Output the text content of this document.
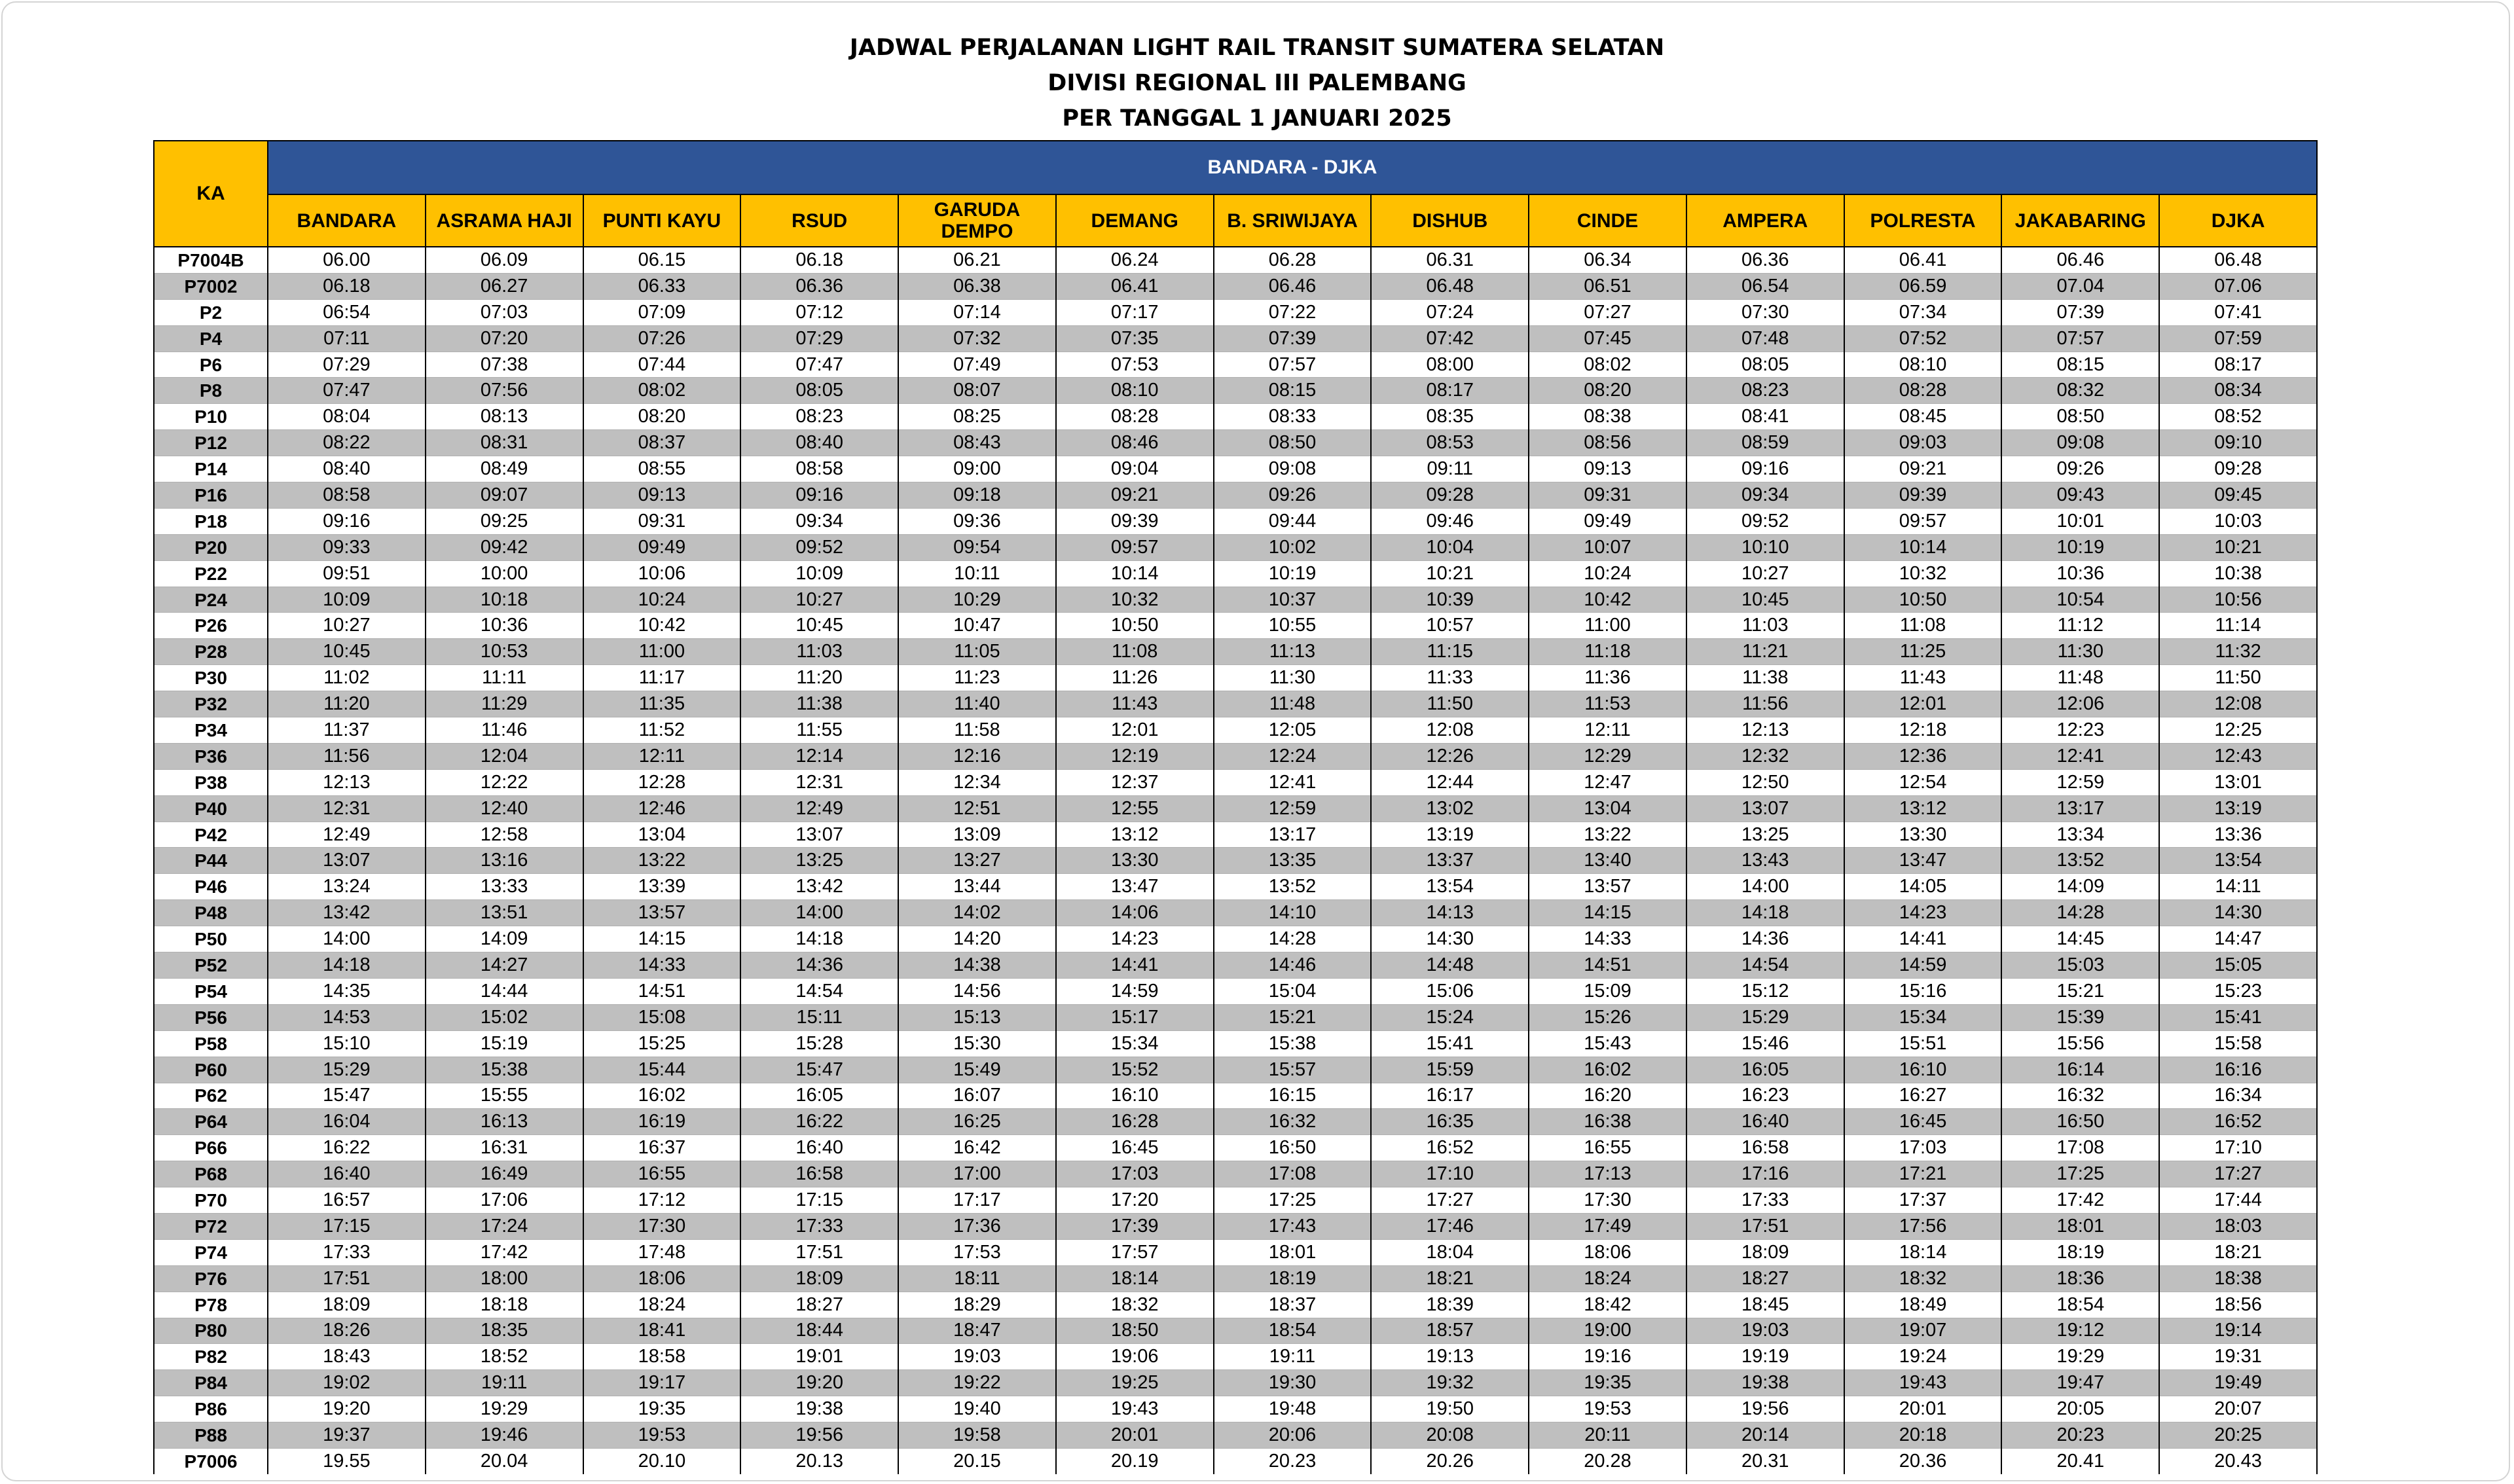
JADWAL PERJALANAN LIGHT RAIL TRANSIT SUMATERA SELATAN
DIVISI REGIONAL III PALEMBANG
PER TANGGAL 1 JANUARI 2025
KA	BANDARA - DJKA												
	BANDARA	ASRAMA HAJI	PUNTI KAYU	RSUD	GARUDA DEMPO	DEMANG	B. SRIWIJAYA	DISHUB	CINDE	AMPERA	POLRESTA	JAKABARING	DJKA
P7004B	06.00	06.09	06.15	06.18	06.21	06.24	06.28	06.31	06.34	06.36	06.41	06.46	06.48
P7002	06.18	06.27	06.33	06.36	06.38	06.41	06.46	06.48	06.51	06.54	06.59	07.04	07.06
P2	06:54	07:03	07:09	07:12	07:14	07:17	07:22	07:24	07:27	07:30	07:34	07:39	07:41
P4	07:11	07:20	07:26	07:29	07:32	07:35	07:39	07:42	07:45	07:48	07:52	07:57	07:59
P6	07:29	07:38	07:44	07:47	07:49	07:53	07:57	08:00	08:02	08:05	08:10	08:15	08:17
P8	07:47	07:56	08:02	08:05	08:07	08:10	08:15	08:17	08:20	08:23	08:28	08:32	08:34
P10	08:04	08:13	08:20	08:23	08:25	08:28	08:33	08:35	08:38	08:41	08:45	08:50	08:52
P12	08:22	08:31	08:37	08:40	08:43	08:46	08:50	08:53	08:56	08:59	09:03	09:08	09:10
P14	08:40	08:49	08:55	08:58	09:00	09:04	09:08	09:11	09:13	09:16	09:21	09:26	09:28
P16	08:58	09:07	09:13	09:16	09:18	09:21	09:26	09:28	09:31	09:34	09:39	09:43	09:45
P18	09:16	09:25	09:31	09:34	09:36	09:39	09:44	09:46	09:49	09:52	09:57	10:01	10:03
P20	09:33	09:42	09:49	09:52	09:54	09:57	10:02	10:04	10:07	10:10	10:14	10:19	10:21
P22	09:51	10:00	10:06	10:09	10:11	10:14	10:19	10:21	10:24	10:27	10:32	10:36	10:38
P24	10:09	10:18	10:24	10:27	10:29	10:32	10:37	10:39	10:42	10:45	10:50	10:54	10:56
P26	10:27	10:36	10:42	10:45	10:47	10:50	10:55	10:57	11:00	11:03	11:08	11:12	11:14
P28	10:45	10:53	11:00	11:03	11:05	11:08	11:13	11:15	11:18	11:21	11:25	11:30	11:32
P30	11:02	11:11	11:17	11:20	11:23	11:26	11:30	11:33	11:36	11:38	11:43	11:48	11:50
P32	11:20	11:29	11:35	11:38	11:40	11:43	11:48	11:50	11:53	11:56	12:01	12:06	12:08
P34	11:37	11:46	11:52	11:55	11:58	12:01	12:05	12:08	12:11	12:13	12:18	12:23	12:25
P36	11:56	12:04	12:11	12:14	12:16	12:19	12:24	12:26	12:29	12:32	12:36	12:41	12:43
P38	12:13	12:22	12:28	12:31	12:34	12:37	12:41	12:44	12:47	12:50	12:54	12:59	13:01
P40	12:31	12:40	12:46	12:49	12:51	12:55	12:59	13:02	13:04	13:07	13:12	13:17	13:19
P42	12:49	12:58	13:04	13:07	13:09	13:12	13:17	13:19	13:22	13:25	13:30	13:34	13:36
P44	13:07	13:16	13:22	13:25	13:27	13:30	13:35	13:37	13:40	13:43	13:47	13:52	13:54
P46	13:24	13:33	13:39	13:42	13:44	13:47	13:52	13:54	13:57	14:00	14:05	14:09	14:11
P48	13:42	13:51	13:57	14:00	14:02	14:06	14:10	14:13	14:15	14:18	14:23	14:28	14:30
P50	14:00	14:09	14:15	14:18	14:20	14:23	14:28	14:30	14:33	14:36	14:41	14:45	14:47
P52	14:18	14:27	14:33	14:36	14:38	14:41	14:46	14:48	14:51	14:54	14:59	15:03	15:05
P54	14:35	14:44	14:51	14:54	14:56	14:59	15:04	15:06	15:09	15:12	15:16	15:21	15:23
P56	14:53	15:02	15:08	15:11	15:13	15:17	15:21	15:24	15:26	15:29	15:34	15:39	15:41
P58	15:10	15:19	15:25	15:28	15:30	15:34	15:38	15:41	15:43	15:46	15:51	15:56	15:58
P60	15:29	15:38	15:44	15:47	15:49	15:52	15:57	15:59	16:02	16:05	16:10	16:14	16:16
P62	15:47	15:55	16:02	16:05	16:07	16:10	16:15	16:17	16:20	16:23	16:27	16:32	16:34
P64	16:04	16:13	16:19	16:22	16:25	16:28	16:32	16:35	16:38	16:40	16:45	16:50	16:52
P66	16:22	16:31	16:37	16:40	16:42	16:45	16:50	16:52	16:55	16:58	17:03	17:08	17:10
P68	16:40	16:49	16:55	16:58	17:00	17:03	17:08	17:10	17:13	17:16	17:21	17:25	17:27
P70	16:57	17:06	17:12	17:15	17:17	17:20	17:25	17:27	17:30	17:33	17:37	17:42	17:44
P72	17:15	17:24	17:30	17:33	17:36	17:39	17:43	17:46	17:49	17:51	17:56	18:01	18:03
P74	17:33	17:42	17:48	17:51	17:53	17:57	18:01	18:04	18:06	18:09	18:14	18:19	18:21
P76	17:51	18:00	18:06	18:09	18:11	18:14	18:19	18:21	18:24	18:27	18:32	18:36	18:38
P78	18:09	18:18	18:24	18:27	18:29	18:32	18:37	18:39	18:42	18:45	18:49	18:54	18:56
P80	18:26	18:35	18:41	18:44	18:47	18:50	18:54	18:57	19:00	19:03	19:07	19:12	19:14
P82	18:43	18:52	18:58	19:01	19:03	19:06	19:11	19:13	19:16	19:19	19:24	19:29	19:31
P84	19:02	19:11	19:17	19:20	19:22	19:25	19:30	19:32	19:35	19:38	19:43	19:47	19:49
P86	19:20	19:29	19:35	19:38	19:40	19:43	19:48	19:50	19:53	19:56	20:01	20:05	20:07
P88	19:37	19:46	19:53	19:56	19:58	20:01	20:06	20:08	20:11	20:14	20:18	20:23	20:25
P7006	19.55	20.04	20.10	20.13	20.15	20.19	20.23	20.26	20.28	20.31	20.36	20.41	20.43
